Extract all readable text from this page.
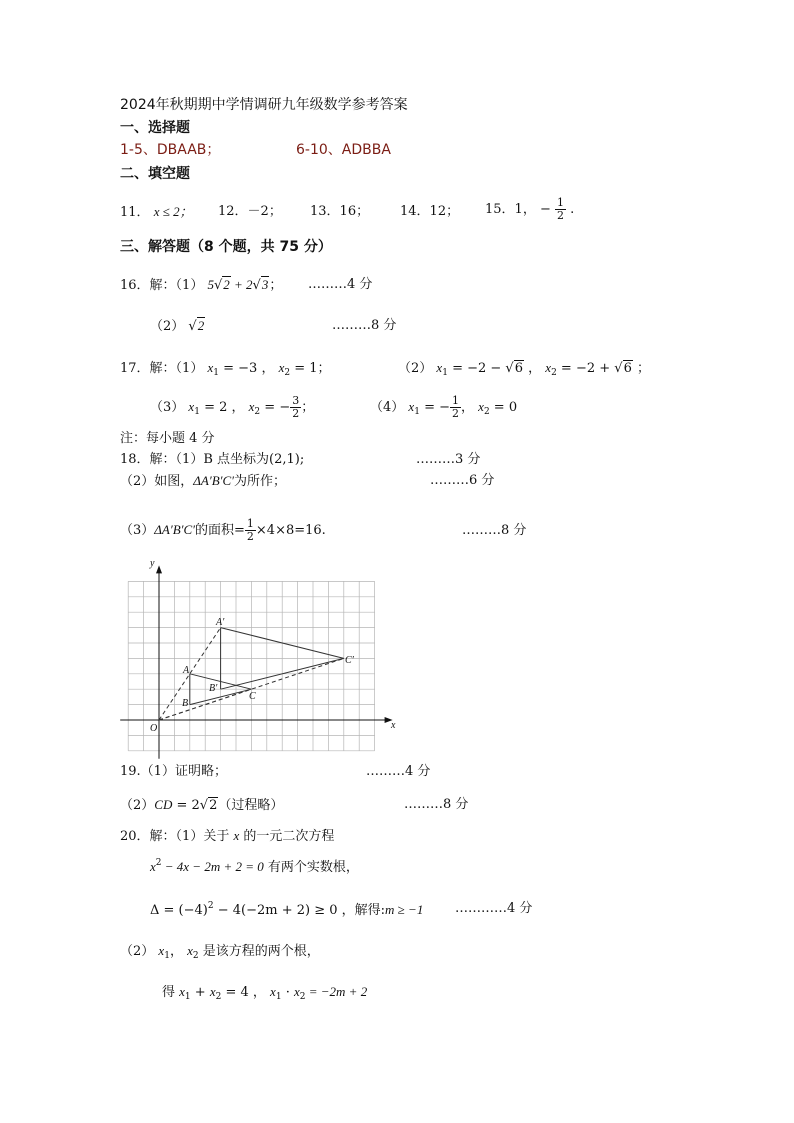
2024年秋期期中学情调研九年级数学参考答案
一、选择题
1-5、DBAAB；	6-10、ADBBA
二、填空题
11． x ≤ 2； 12．－2； 13．16； 14．12； 15．1， − $\frac{1}{2}$ .
三、解答题（8 个题，共 75 分）
16．解：（1） 5√2 + 2√3； ………4 分
（2） √2	………8 分
17．解：（1） $x_1 = -3$ ， $x_2 = 1$；	（2） $x_1 = -2 - √6$ ， $x_2 = -2 + √6$ ；
（3） $x_1 = 2$ ， $x_2$ = − $\frac{3}{2}$ ；	（4） $x_1$ = − $\frac{1}{2}$ ， $x_2 = 0$
注：每小题 4 分
18．解：（1）B 点坐标为(2,1);	………3 分
（2）如图，ΔA′B′C′为所作；	………6 分
（3）ΔA′B′C′的面积= $\frac{1}{2} \times 4\times 8=16$.	………8 分
y
x
O
A
B
C
A′
B′
C′
19.（1）证明略；	………4 分
（2）CD = 2√2（过程略）	………8 分
20．解：（1）关于 x 的一元二次方程
$x^2 - 4x - 2m + 2 = 0$ 有两个实数根，
$\Delta = (-4)^2 - 4(-2m + 2) \ge 0$ ，解得:m ≥ −1 …………4 分
（2） $x_1$， $x_2$ 是该方程的两个根，
得 $x_1 + x_2 = 4$ ， $x_1 \cdot x_2 = -2m + 2$
